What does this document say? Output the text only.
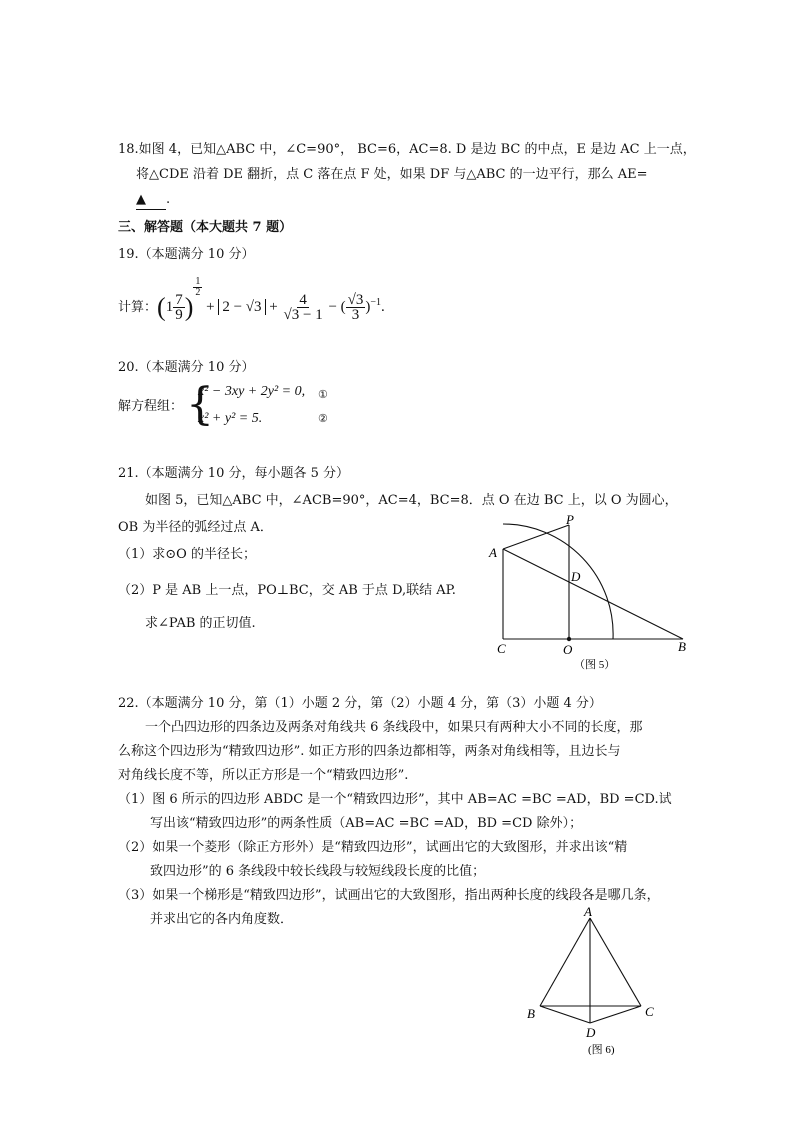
18.如图 4，已知△ABC 中，∠C=90°， BC=6，AC=8. D 是边 BC 的中点，E 是边 AC 上一点，
将△CDE 沿着 DE 翻折，点 C 落在点 F 处，如果 DF 与△ABC 的一边平行，那么 AE=
▲ .
三、解答题（本大题共 7 题）
19.（本题满分 10 分）
计算：($1 \frac{7}{9}$ )
$\frac{1}{2}$
+ $2 - √3 + \frac{4}{√3 - 1}$ − ( $\frac{√3}{3} )^{-1}$.
20.（本题满分 10 分）
解方程组： {
x² − 3xy + 2y² = 0,
x² + y² = 5.
①
②
21.（本题满分 10 分，每小题各 5 分）
如图 5，已知△ABC 中，∠ACB=90°，AC=4，BC=8．点 O 在边 BC 上，以 O 为圆心，
OB 为半径的弧经过点 A．
（1）求⊙O 的半径长；
（2）P 是 AB 上一点，PO⊥BC，交 AB 于点 D,联结 AP.
求∠PAB 的正切值.
P
A
D
C	O	B
（图 5）
22.（本题满分 10 分，第（1）小题 2 分，第（2）小题 4 分，第（3）小题 4 分）
一个凸四边形的四条边及两条对角线共 6 条线段中，如果只有两种大小不同的长度，那
么称这个四边形为“精致四边形”. 如正方形的四条边都相等，两条对角线相等，且边长与
对角线长度不等，所以正方形是一个“精致四边形”.
（1）图 6 所示的四边形 ABDC 是一个“精致四边形”，其中 AB=AC =BC =AD，BD =CD.试
写出该“精致四边形”的两条性质（AB=AC =BC =AD，BD =CD 除外）；
（2）如果一个菱形（除正方形外）是“精致四边形”，试画出它的大致图形，并求出该“精
致四边形”的 6 条线段中较长线段与较短线段长度的比值；
（3）如果一个梯形是“精致四边形”，试画出它的大致图形，指出两种长度的线段各是哪几条，
并求出它的各内角度数．
A
B	C
D
(图 6)
